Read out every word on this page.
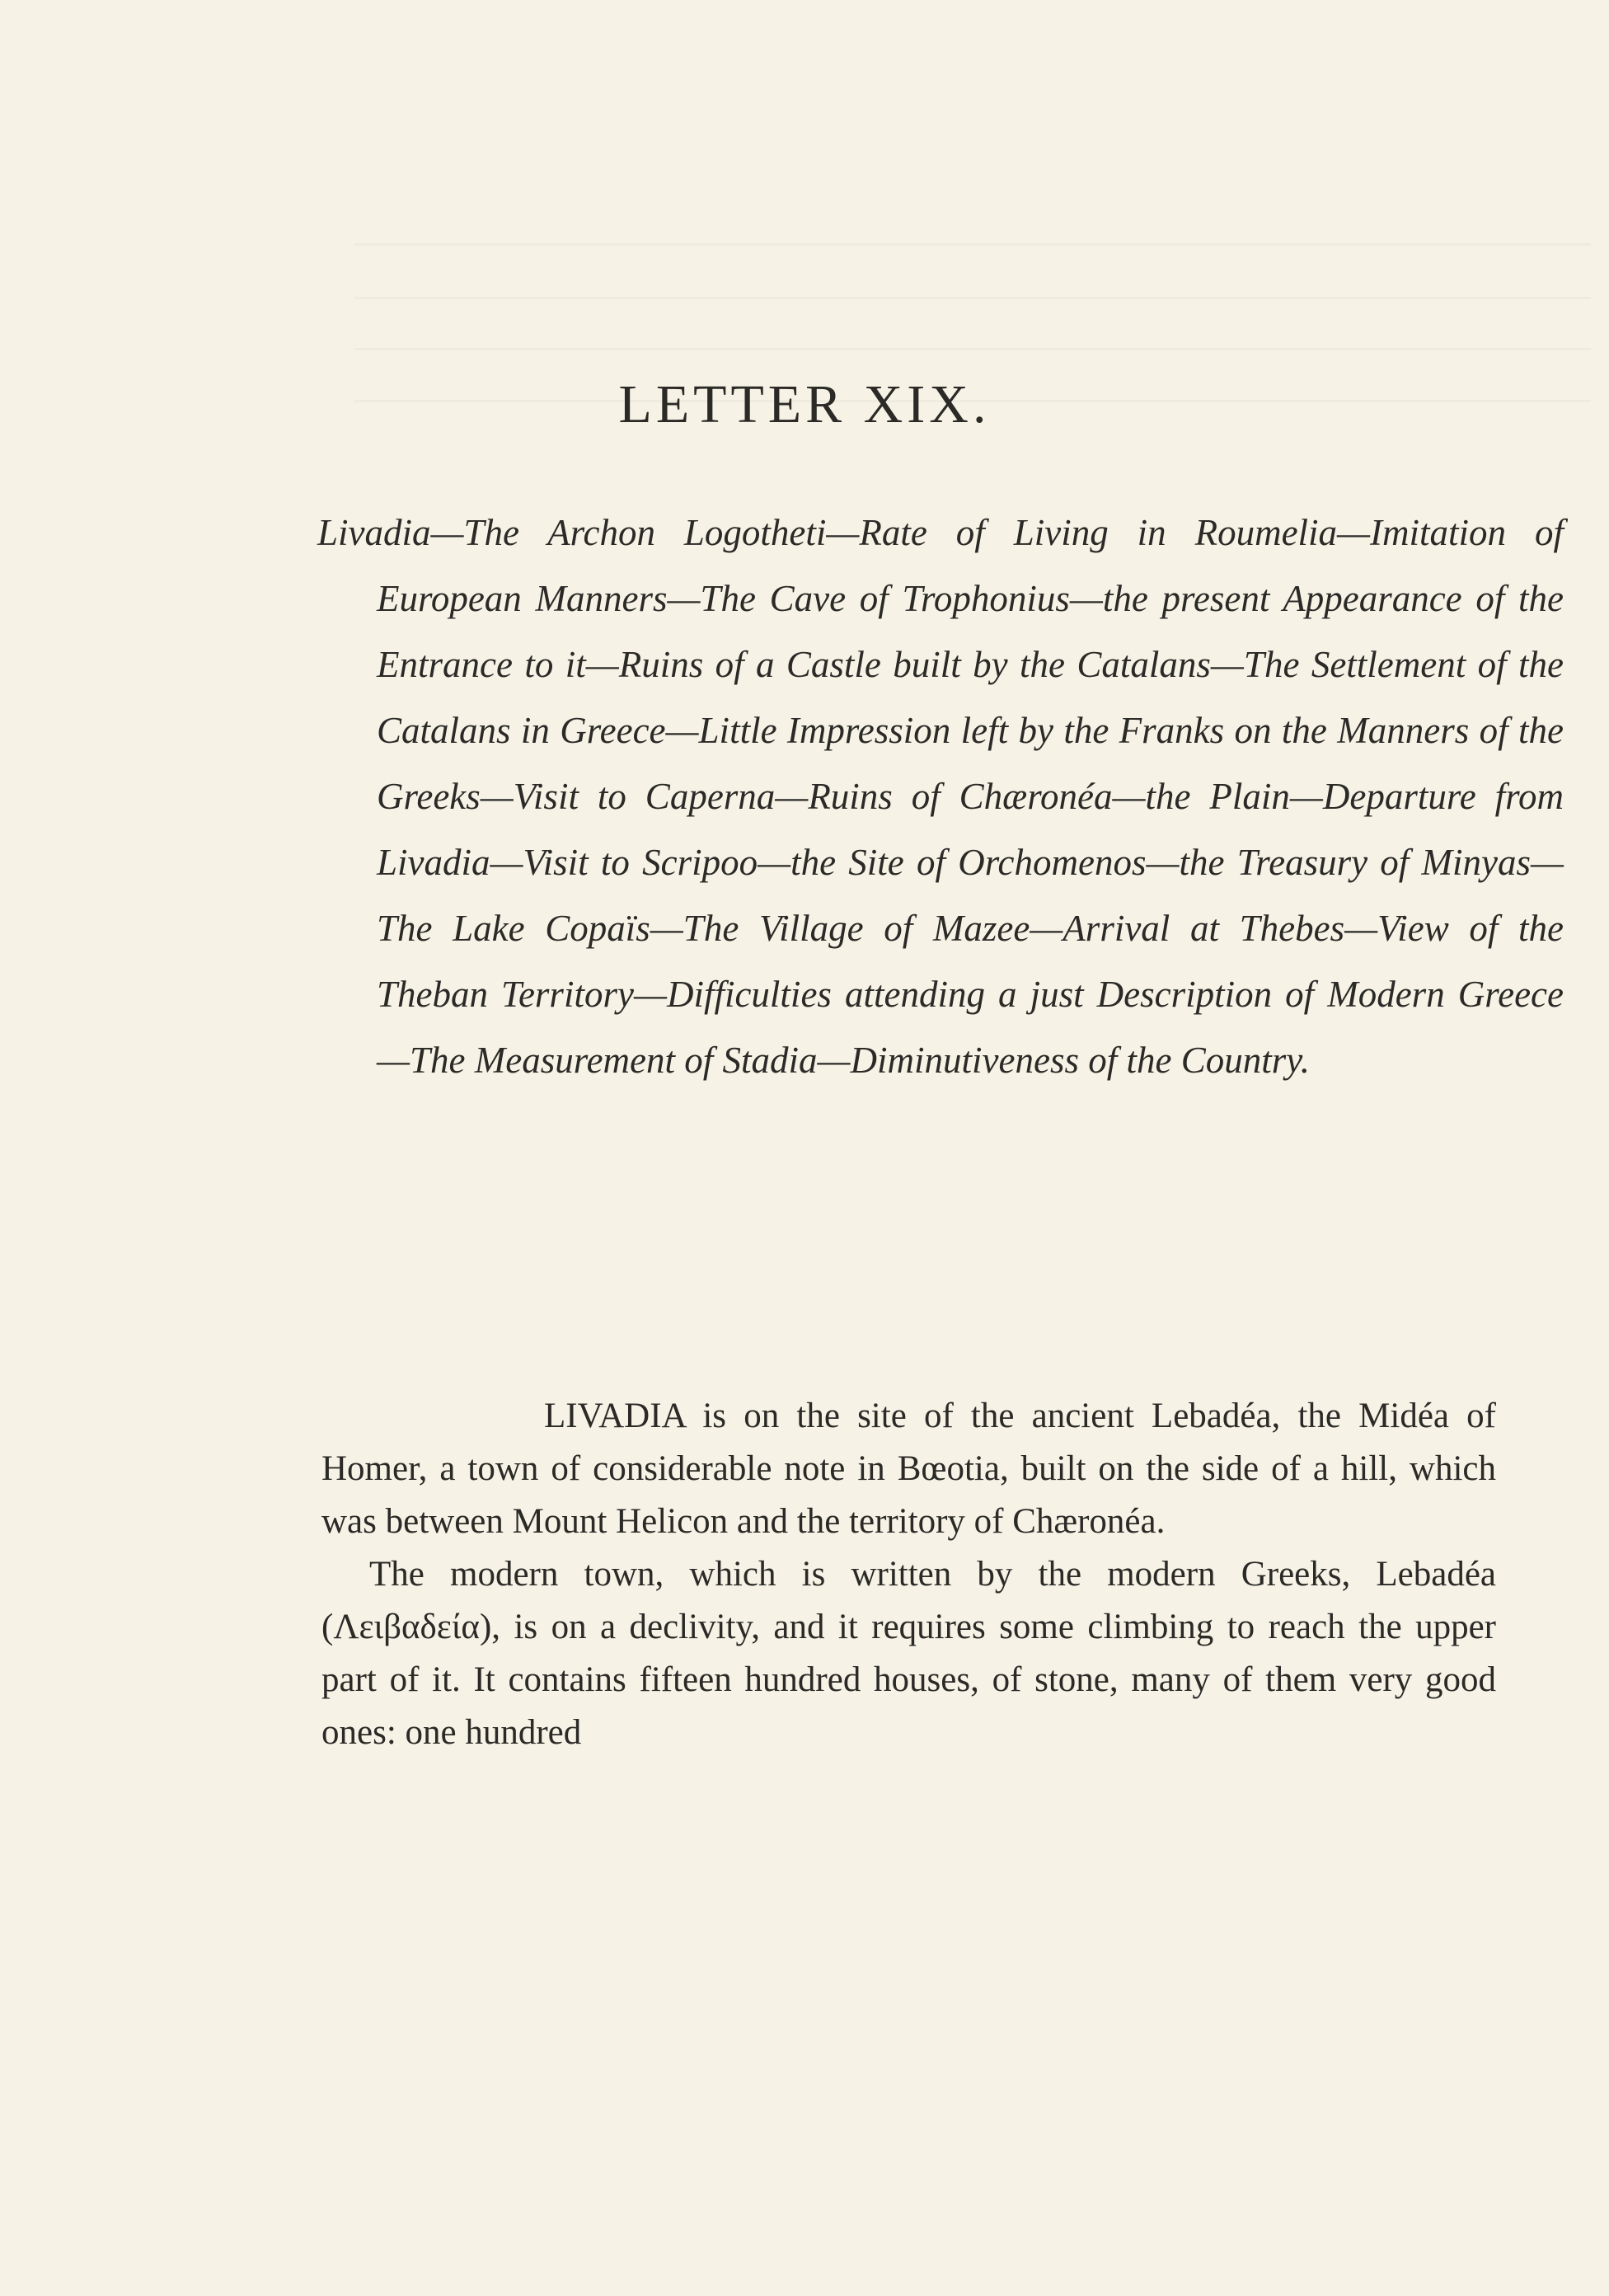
LETTER XIX.

Livadia—The Archon Logotheti—Rate of Living in Roumelia—Imitation of European Manners—The Cave of Trophonius—the present Appearance of the Entrance to it—Ruins of a Castle built by the Catalans—The Settlement of the Catalans in Greece—Little Impression left by the Franks on the Manners of the Greeks—Visit to Caperna—Ruins of Chæronéa—the Plain—Departure from Livadia—Visit to Scripoo—the Site of Orchomenos—the Treasury of Minyas—The Lake Copaïs—The Village of Mazee—Arrival at Thebes—View of the Theban Territory—Difficulties attending a just Description of Modern Greece—The Measurement of Stadia—Diminutiveness of the Country.

LIVADIA is on the site of the ancient Lebadéa, the Midéa of Homer, a town of considerable note in Bœotia, built on the side of a hill, which was between Mount Helicon and the territory of Chæronéa.

The modern town, which is written by the modern Greeks, Lebadéa (Λειβαδεία), is on a declivity, and it requires some climbing to reach the upper part of it. It contains fifteen hundred houses, of stone, many of them very good ones: one hundred
